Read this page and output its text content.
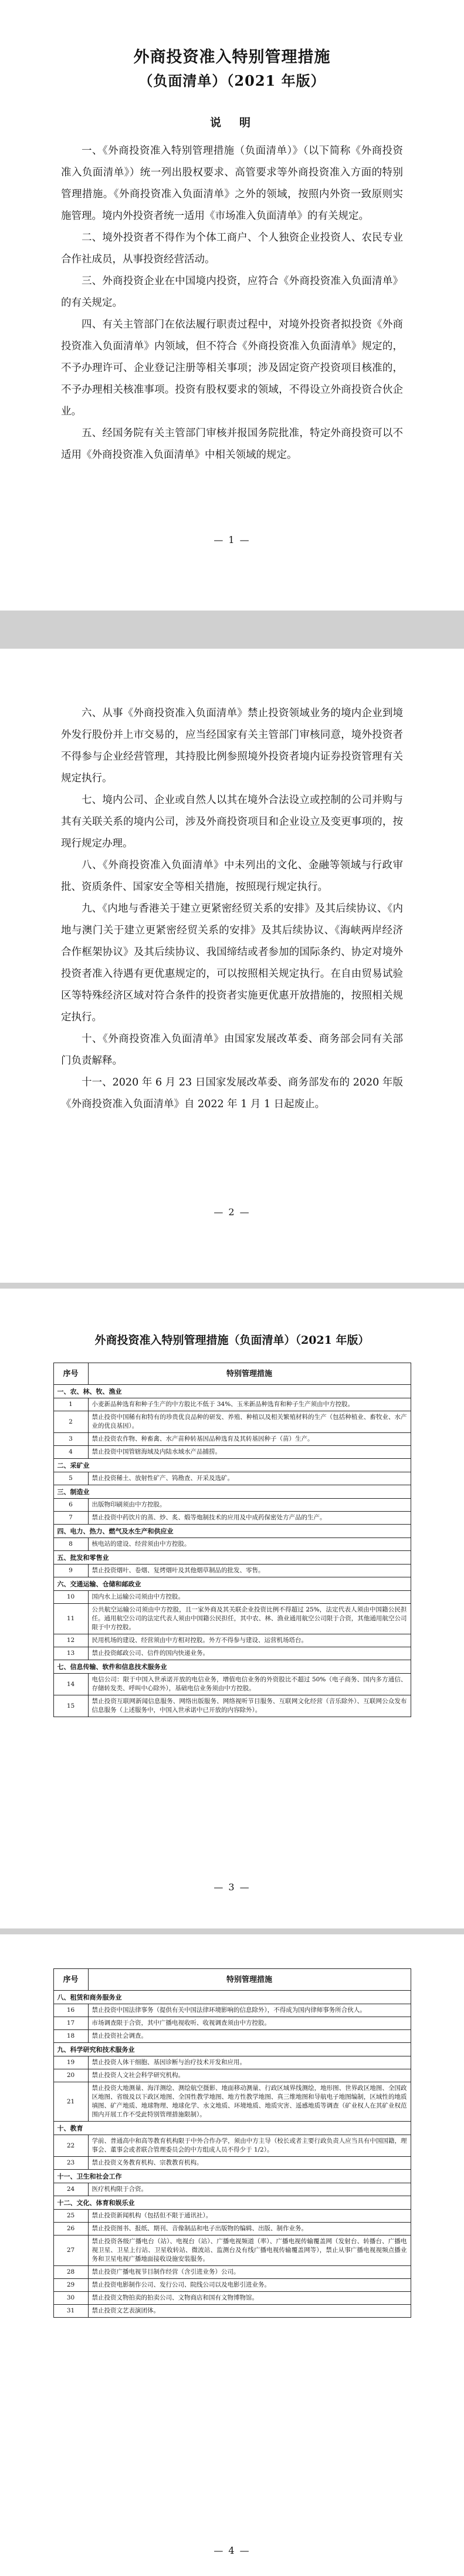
外商投资准入特别管理措施
（负面清单）（2021 年版）
说　明

一、《外商投资准入特别管理措施（负面清单）》（以下简称《外商投资准入负面清单》）统一列出股权要求、高管要求等外商投资准入方面的特别管理措施。《外商投资准入负面清单》之外的领域，按照内外资一致原则实施管理。境内外投资者统一适用《市场准入负面清单》的有关规定。

二、境外投资者不得作为个体工商户、个人独资企业投资人、农民专业合作社成员，从事投资经营活动。

三、外商投资企业在中国境内投资，应符合《外商投资准入负面清单》的有关规定。

四、有关主管部门在依法履行职责过程中，对境外投资者拟投资《外商投资准入负面清单》内领域，但不符合《外商投资准入负面清单》规定的，不予办理许可、企业登记注册等相关事项；涉及固定资产投资项目核准的，不予办理相关核准事项。投资有股权要求的领域，不得设立外商投资合伙企业。

五、经国务院有关主管部门审核并报国务院批准，特定外商投资可以不适用《外商投资准入负面清单》中相关领域的规定。

— 1 —

六、从事《外商投资准入负面清单》禁止投资领域业务的境内企业到境外发行股份并上市交易的，应当经国家有关主管部门审核同意，境外投资者不得参与企业经营管理，其持股比例参照境外投资者境内证券投资管理有关规定执行。

七、境内公司、企业或自然人以其在境外合法设立或控制的公司并购与其有关联关系的境内公司，涉及外商投资项目和企业设立及变更事项的，按现行规定办理。

八、《外商投资准入负面清单》中未列出的文化、金融等领域与行政审批、资质条件、国家安全等相关措施，按照现行规定执行。

九、《内地与香港关于建立更紧密经贸关系的安排》及其后续协议、《内地与澳门关于建立更紧密经贸关系的安排》及其后续协议、《海峡两岸经济合作框架协议》及其后续协议、我国缔结或者参加的国际条约、协定对境外投资者准入待遇有更优惠规定的，可以按照相关规定执行。在自由贸易试验区等特殊经济区域对符合条件的投资者实施更优惠开放措施的，按照相关规定执行。

十、《外商投资准入负面清单》由国家发展改革委、商务部会同有关部门负责解释。

十一、2020 年 6 月 23 日国家发展改革委、商务部发布的 2020 年版《外商投资准入负面清单》自 2022 年 1 月 1 日起废止。

— 2 —
外商投资准入特别管理措施（负面清单）（2021 年版）
序号	特别管理措施
一、农、林、牧、渔业	
1	小麦新品种选育和种子生产的中方股比不低于 34%、玉米新品种选育和种子生产须由中方控股。
2	禁止投资中国稀有和特有的珍贵优良品种的研发、养殖、种植以及相关繁殖材料的生产（包括种植业、畜牧业、水产业的优良基因）。
3	禁止投资农作物、种畜禽、水产苗种转基因品种选育及其转基因种子（苗）生产。
4	禁止投资中国管辖海域及内陆水域水产品捕捞。
二、采矿业	
5	禁止投资稀土、放射性矿产、钨勘查、开采及选矿。
三、制造业	
6	出版物印刷须由中方控股。
7	禁止投资中药饮片的蒸、炒、炙、煅等炮制技术的应用及中成药保密处方产品的生产。
四、电力、热力、燃气及水生产和供应业	
8	核电站的建设、经营须由中方控股。
五、批发和零售业	
9	禁止投资烟叶、卷烟、复烤烟叶及其他烟草制品的批发、零售。
六、交通运输、仓储和邮政业	
10	国内水上运输公司须由中方控股。
11	公共航空运输公司须由中方控股，且一家外商及其关联企业投资比例不得超过 25%，法定代表人须由中国籍公民担任。通用航空公司的法定代表人须由中国籍公民担任，其中农、林、渔业通用航空公司限于合资，其他通用航空公司限于中方控股。
12	民用机场的建设、经营须由中方相对控股。外方不得参与建设、运营机场塔台。
13	禁止投资邮政公司、信件的国内快递业务。
七、信息传输、软件和信息技术服务业	
14	电信公司：限于中国入世承诺开放的电信业务，增值电信业务的外资股比不超过 50%（电子商务、国内多方通信、存储转发类、呼叫中心除外），基础电信业务须由中方控股。
15	禁止投资互联网新闻信息服务、网络出版服务、网络视听节目服务、互联网文化经营（音乐除外）、互联网公众发布信息服务（上述服务中，中国入世承诺中已开放的内容除外）。
— 3 —
序号	特别管理措施
八、租赁和商务服务业	
16	禁止投资中国法律事务（提供有关中国法律环境影响的信息除外），不得成为国内律师事务所合伙人。
17	市场调查限于合资，其中广播电视收听、收视调查须由中方控股。
18	禁止投资社会调查。
九、科学研究和技术服务业	
19	禁止投资人体干细胞、基因诊断与治疗技术开发和应用。
20	禁止投资人文社会科学研究机构。
21	禁止投资大地测量、海洋测绘、测绘航空摄影、地面移动测量、行政区域界线测绘，地形图、世界政区地图、全国政区地图、省级及以下政区地图、全国性教学地图、地方性教学地图、真三维地图和导航电子地图编制，区域性的地质填图、矿产地质、地球物理、地球化学、水文地质、环境地质、地质灾害、遥感地质等调查（矿业权人在其矿业权范围内开展工作不受此特别管理措施限制）。
十、教育	
22	学前、普通高中和高等教育机构限于中外合作办学，须由中方主导（校长或者主要行政负责人应当具有中国国籍，理事会、董事会或者联合管理委员会的中方组成人员不得少于 1/2）。
23	禁止投资义务教育机构、宗教教育机构。
十一、卫生和社会工作	
24	医疗机构限于合资。
十二、文化、体育和娱乐业	
25	禁止投资新闻机构（包括但不限于通讯社）。
26	禁止投资图书、报纸、期刊、音像制品和电子出版物的编辑、出版、制作业务。
27	禁止投资各级广播电台（站）、电视台（站）、广播电视频道（率）、广播电视传输覆盖网（发射台、转播台、广播电视卫星、卫星上行站、卫星收转站、微波站、监测台及有线广播电视传输覆盖网等），禁止从事广播电视视频点播业务和卫星电视广播地面接收设施安装服务。
28	禁止投资广播电视节目制作经营（含引进业务）公司。
29	禁止投资电影制作公司、发行公司、院线公司以及电影引进业务。
30	禁止投资文物拍卖的拍卖公司、文物商店和国有文物博物馆。
31	禁止投资文艺表演团体。
— 4 —
